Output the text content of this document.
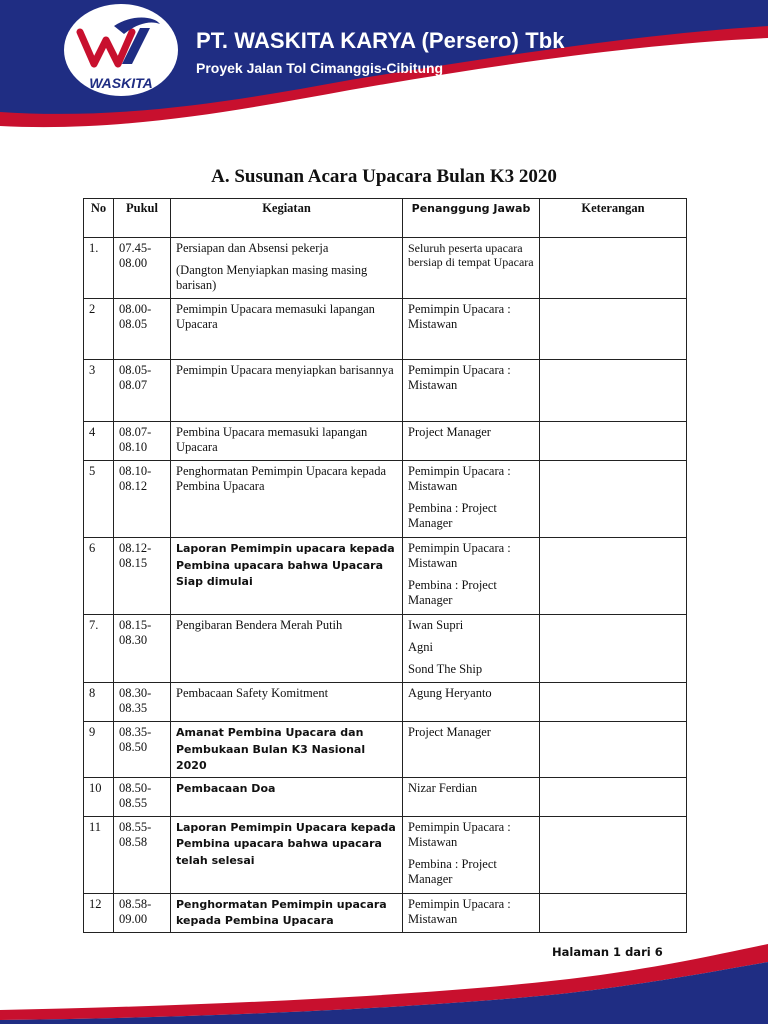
WASKITA
PT. WASKITA KARYA (Persero) Tbk
Proyek Jalan Tol Cimanggis-Cibitung
A. Susunan Acara Upacara Bulan K3 2020
No	Pukul	Kegiatan	Penanggung Jawab	Keterangan
1.	07.45-08.00	Persiapan dan Absensi pekerja
(Dangton Menyiapkan masing masing barisan)	Seluruh peserta upacara bersiap di tempat Upacara	

2	08.00-08.05	Pemimpin Upacara memasuki lapangan Upacara	Pemimpin Upacara : Mistawan	

3	08.05-08.07	Pemimpin Upacara menyiapkan barisannya	Pemimpin Upacara : Mistawan	

4	08.07-08.10	Pembina Upacara memasuki lapangan Upacara	Project Manager	

5	08.10-08.12	Penghormatan Pemimpin Upacara kepada Pembina Upacara	Pemimpin Upacara : Mistawan
Pembina : Project Manager	

6	08.12-08.15	Laporan Pemimpin upacara kepada Pembina upacara bahwa Upacara Siap dimulai	Pemimpin Upacara : Mistawan
Pembina : Project Manager	

7.	08.15-08.30	Pengibaran Bendera Merah Putih	Iwan Supri
Agni
Sond The Ship	

8	08.30-08.35	Pembacaan Safety Komitment	Agung Heryanto	

9	08.35-08.50	Amanat Pembina Upacara dan Pembukaan Bulan K3 Nasional 2020	Project Manager	

10	08.50-08.55	Pembacaan Doa	Nizar Ferdian	

11	08.55-08.58	Laporan Pemimpin Upacara kepada Pembina upacara bahwa upacara telah selesai	Pemimpin Upacara : Mistawan
Pembina : Project Manager	

12	08.58-09.00	Penghormatan Pemimpin upacara kepada Pembina Upacara	Pemimpin Upacara : Mistawan	

Halaman 1 dari 6
